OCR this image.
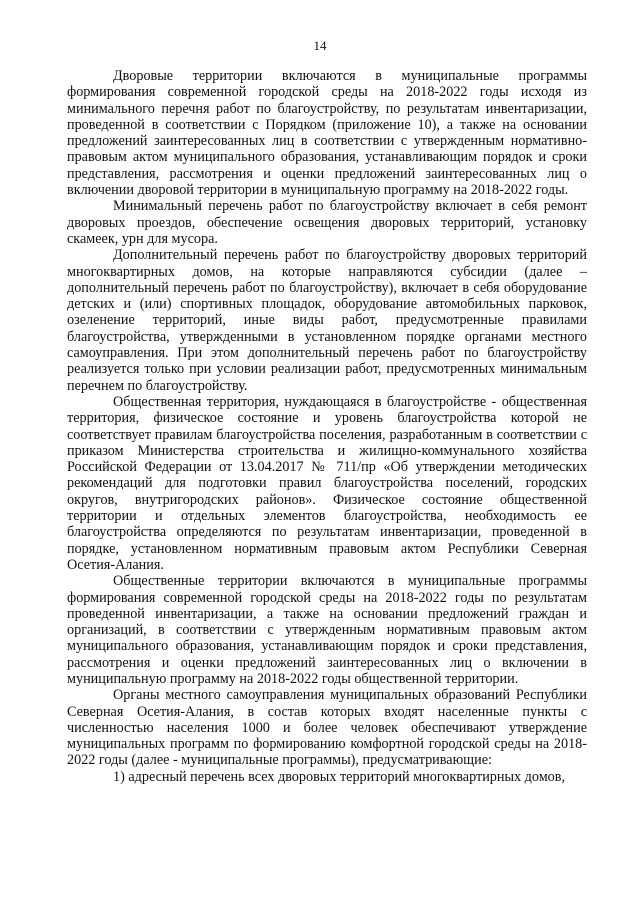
14

Дворовые территории включаются в муниципальные программы формирования современной городской среды на 2018-2022 годы исходя из минимального перечня работ по благоустройству, по результатам инвентаризации, проведенной в соответствии с Порядком (приложение 10), а также на основании предложений заинтересованных лиц в соответствии с утвержденным нормативно-правовым актом муниципального образования, устанавливающим порядок и сроки представления, рассмотрения и оценки предложений заинтересованных лиц о включении дворовой территории в муниципальную программу на 2018-2022 годы.

Минимальный перечень работ по благоустройству включает в себя ремонт дворовых проездов, обеспечение освещения дворовых территорий, установку скамеек, урн для мусора.

Дополнительный перечень работ по благоустройству дворовых территорий многоквартирных домов, на которые направляются субсидии (далее – дополнительный перечень работ по благоустройству), включает в себя оборудование детских и (или) спортивных площадок, оборудование автомобильных парковок, озеленение территорий, иные виды работ, предусмотренные правилами благоустройства, утвержденными в установленном порядке органами местного самоуправления. При этом дополнительный перечень работ по благоустройству реализуется только при условии реализации работ, предусмотренных минимальным перечнем по благоустройству.

Общественная территория, нуждающаяся в благоустройстве - общественная территория, физическое состояние и уровень благоустройства которой не соответствует правилам благоустройства поселения, разработанным в соответствии с приказом Министерства строительства и жилищно-коммунального хозяйства Российской Федерации от 13.04.2017 № 711/пр «Об утверждении методических рекомендаций для подготовки правил благоустройства поселений, городских округов, внутригородских районов». Физическое состояние общественной территории и отдельных элементов благоустройства, необходимость ее благоустройства определяются по результатам инвентаризации, проведенной в порядке, установленном нормативным правовым актом Республики Северная Осетия-Алания.

Общественные территории включаются в муниципальные программы формирования современной городской среды на 2018-2022 годы по результатам проведенной инвентаризации, а также на основании предложений граждан и организаций, в соответствии с утвержденным нормативным правовым актом муниципального образования, устанавливающим порядок и сроки представления, рассмотрения и оценки предложений заинтересованных лиц о включении в муниципальную программу на 2018-2022 годы общественной территории.

Органы местного самоуправления муниципальных образований Республики Северная Осетия-Алания, в состав которых входят населенные пункты с численностью населения 1000 и более человек обеспечивают утверждение муниципальных программ по формированию комфортной городской среды на 2018-2022 годы (далее - муниципальные программы), предусматривающие:

1) адресный перечень всех дворовых территорий многоквартирных домов,
